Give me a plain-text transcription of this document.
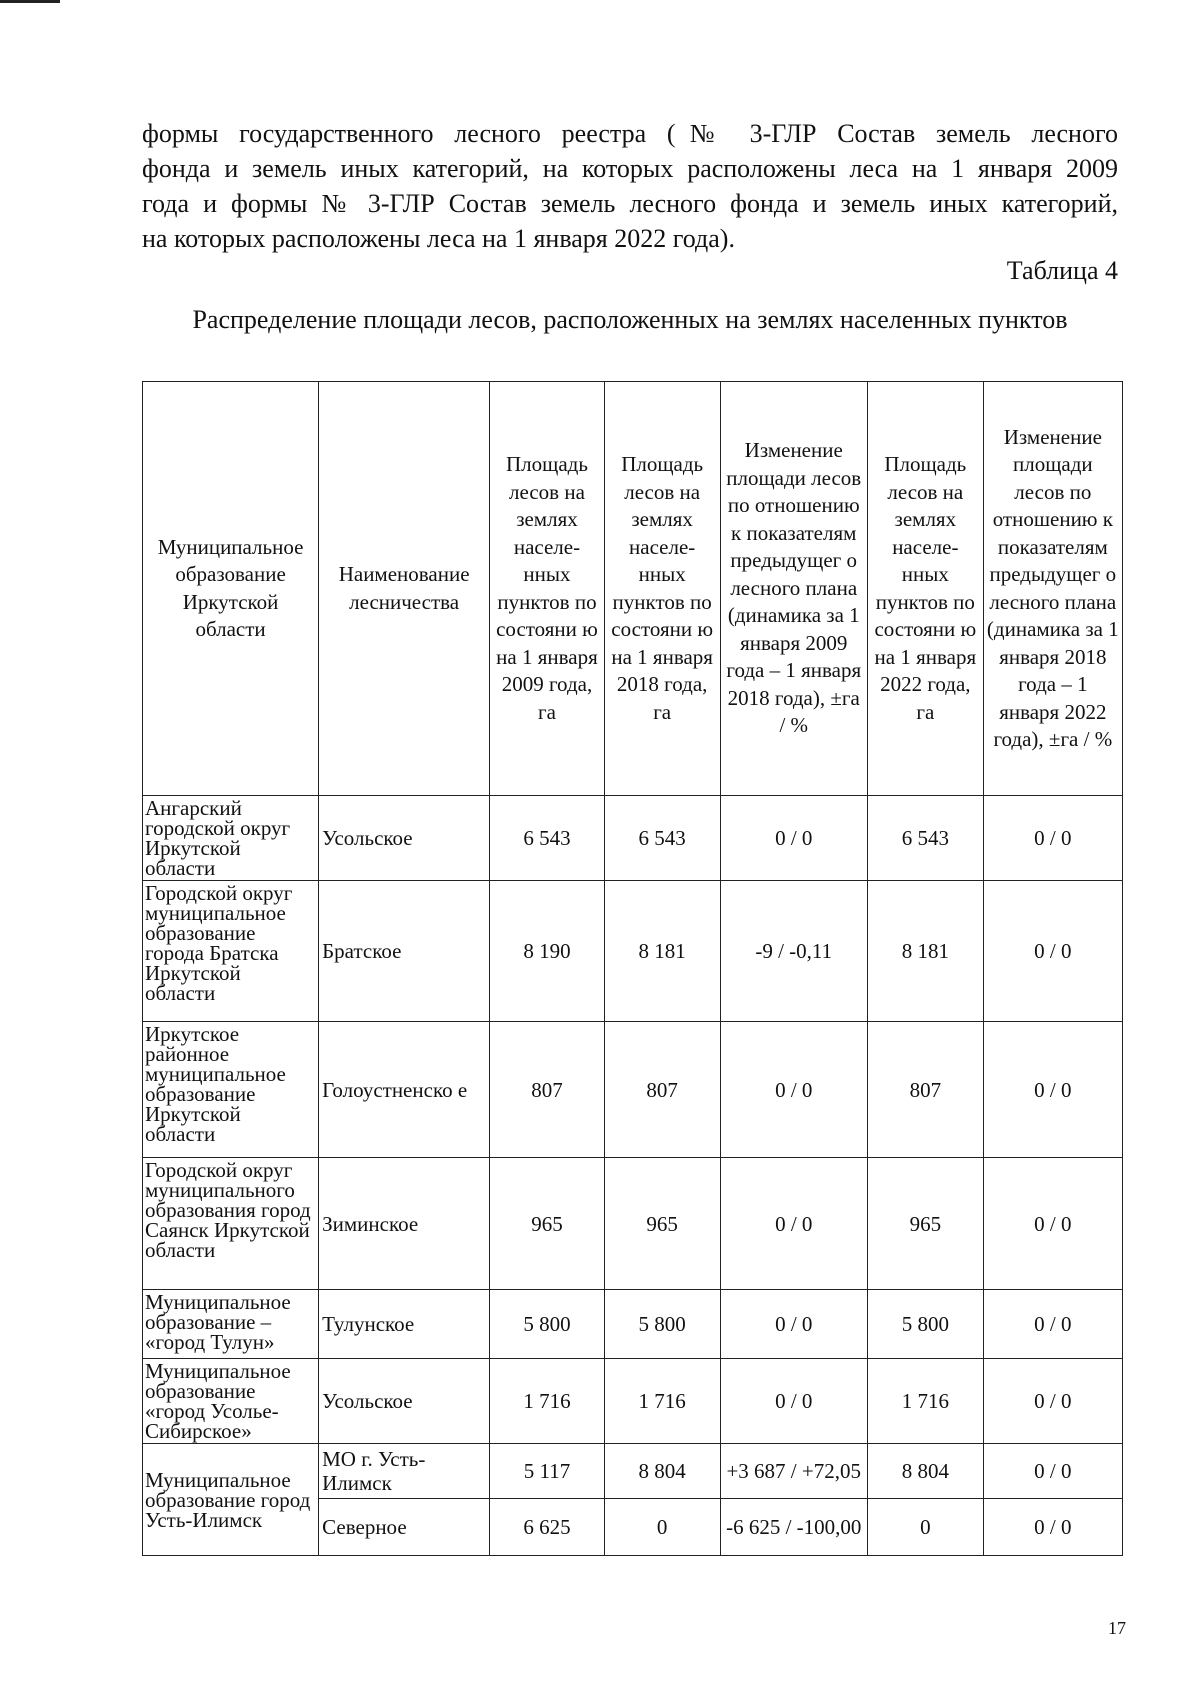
формы государственного лесного реестра (№ 3-ГЛР Состав земель лесного
фонда и земель иных категорий, на которых расположены леса на 1 января 2009
года и формы № 3-ГЛР Состав земель лесного фонда и земель иных категорий,
на которых расположены леса на 1 января 2022 года).
Таблица 4
Распределение площади лесов, расположенных на землях населенных пунктов
Муниципальное образование Иркутской области	Наименование лесничества	Площадь лесов на землях населе-нных пунктов по состояни ю на 1 января 2009 года, га	Площадь лесов на землях населе-нных пунктов по состояни ю на 1 января 2018 года, га	Изменение площади лесов по отношению к показателям предыдущег о лесного плана (динамика за 1 января 2009 года – 1 января 2018 года), ±га / %	Площадь лесов на землях населе-нных пунктов по состояни ю на 1 января 2022 года, га	Изменение площади лесов по отношению к показателям предыдущег о лесного плана (динамика за 1 января 2018 года – 1 января 2022 года), ±га / %
Ангарский городской округ Иркутской области	Усольское	6 543	6 543	0 / 0	6 543	0 / 0
Городской округ муниципальное образование города Братска Иркутской области	Братское	8 190	8 181	-9 / -0,11	8 181	0 / 0
Иркутское районное муниципальное образование Иркутской области	Голоустненско е	807	807	0 / 0	807	0 / 0
Городской округ муниципального образования город Саянск Иркутской области	Зиминское	965	965	0 / 0	965	0 / 0
Муниципальное образование – «город Тулун»	Тулунское	5 800	5 800	0 / 0	5 800	0 / 0
Муниципальное образование «город Усолье-Сибирское»	Усольское	1 716	1 716	0 / 0	1 716	0 / 0
Муниципальное образование город Усть-Илимск	МО г. Усть-Илимск	5 117	8 804	+3 687 / +72,05	8 804	0 / 0
	Северное	6 625	0	-6 625 / -100,00	0	0 / 0
17
